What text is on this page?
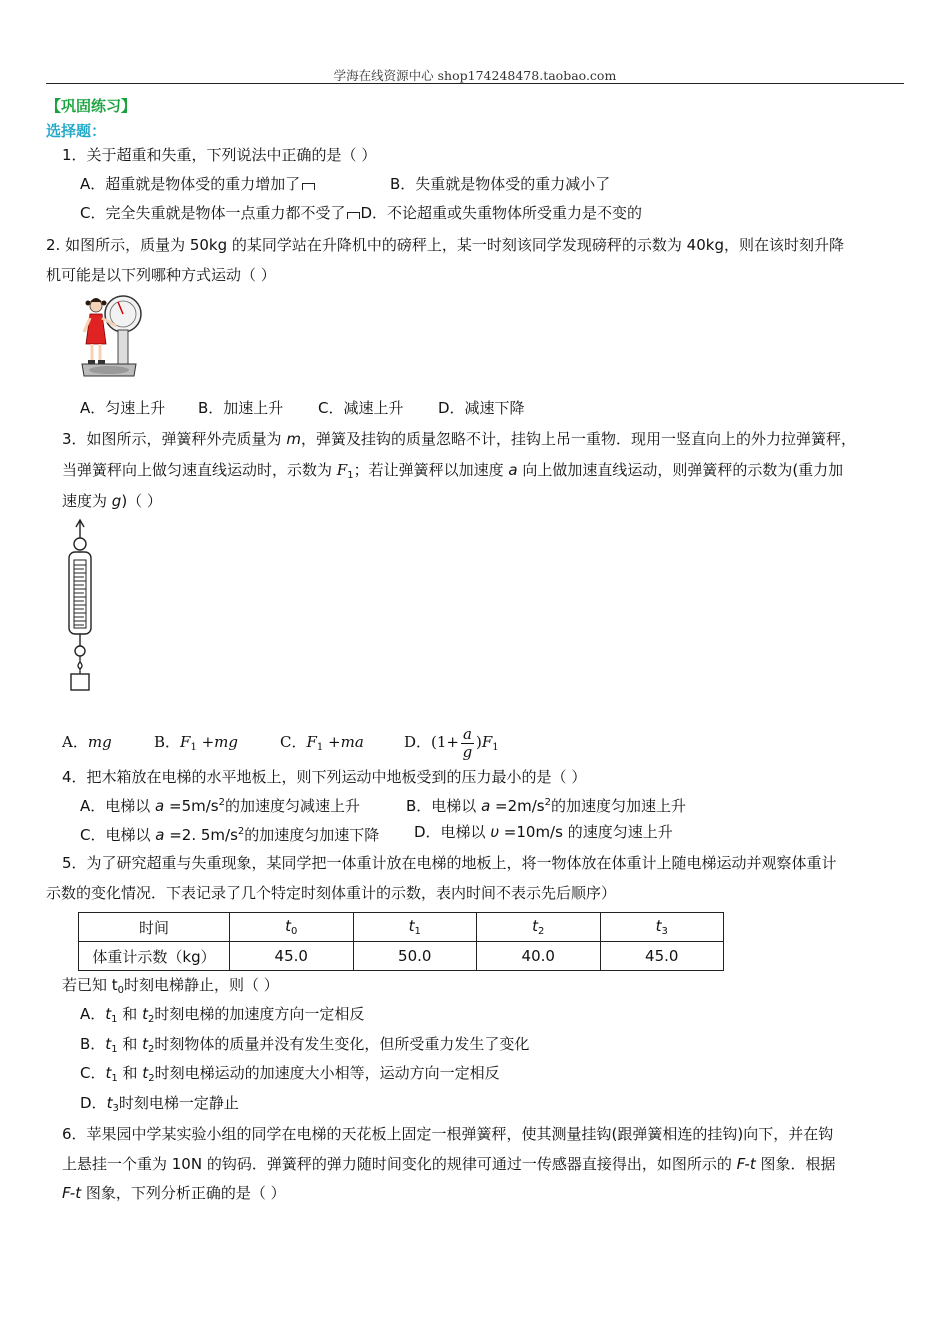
学海在线资源中心 shop174248478.taobao.com
【巩固练习】
选择题：
1．关于超重和失重，下列说法中正确的是（ ）
A．超重就是物体受的重力增加了	B．失重就是物体受的重力减小了
C．完全失重就是物体一点重力都不受了 D．不论超重或失重物体所受重力是不变的
2. 如图所示，质量为 50kg 的某同学站在升降机中的磅秤上，某一时刻该同学发现磅秤的示数为 40kg，则在该时刻升降
机可能是以下列哪种方式运动（ ）
A．匀速上升 B．加速上升 C．减速上升 D．减速下降
3．如图所示，弹簧秤外壳质量为 m，弹簧及挂钩的质量忽略不计，挂钩上吊一重物．现用一竖直向上的外力拉弹簧秤，
当弹簧秤向上做匀速直线运动时，示数为 $F_1$；若让弹簧秤以加速度 a 向上做加速直线运动，则弹簧秤的示数为(重力加
速度为 g)（ ）
A．mg	B．$F_1 +mg$	C．$F_1 +ma$	D．$(1+ \frac{a}{g} )F_1$
4．把木箱放在电梯的水平地板上，则下列运动中地板受到的压力最小的是（ ）
A．电梯以 $a =5m/s^2$的加速度匀减速上升	B．电梯以 $a =2m/s^2$的加速度匀加速上升
C．电梯以 a =2. $5m/s^2$的加速度匀加速下降 D．电梯以 υ =10m/s 的速度匀速上升
5．为了研究超重与失重现象，某同学把一体重计放在电梯的地板上，将一物体放在体重计上随电梯运动并观察体重计
示数的变化情况．下表记录了几个特定时刻体重计的示数，表内时间不表示先后顺序）
时间	$t_0$	$t_1$	$t_2$	$t_3$
体重计示数（kg）	45.0	50.0	40.0	45.0
若已知 $t_0$时刻电梯静止，则（ ）
A．$t_1$ 和 $t_2$时刻电梯的加速度方向一定相反
B．$t_1$ 和 $t_2$时刻物体的质量并没有发生变化，但所受重力发生了变化
C．$t_1$ 和 $t_2$时刻电梯运动的加速度大小相等，运动方向一定相反
D．$t_3$时刻电梯一定静止
6．苹果园中学某实验小组的同学在电梯的天花板上固定一根弹簧秤，使其测量挂钩(跟弹簧相连的挂钩)向下，并在钩
上悬挂一个重为 10N 的钩码．弹簧秤的弹力随时间变化的规律可通过一传感器直接得出，如图所示的 F-t 图象．根据
F-t 图象，下列分析正确的是（ ）
